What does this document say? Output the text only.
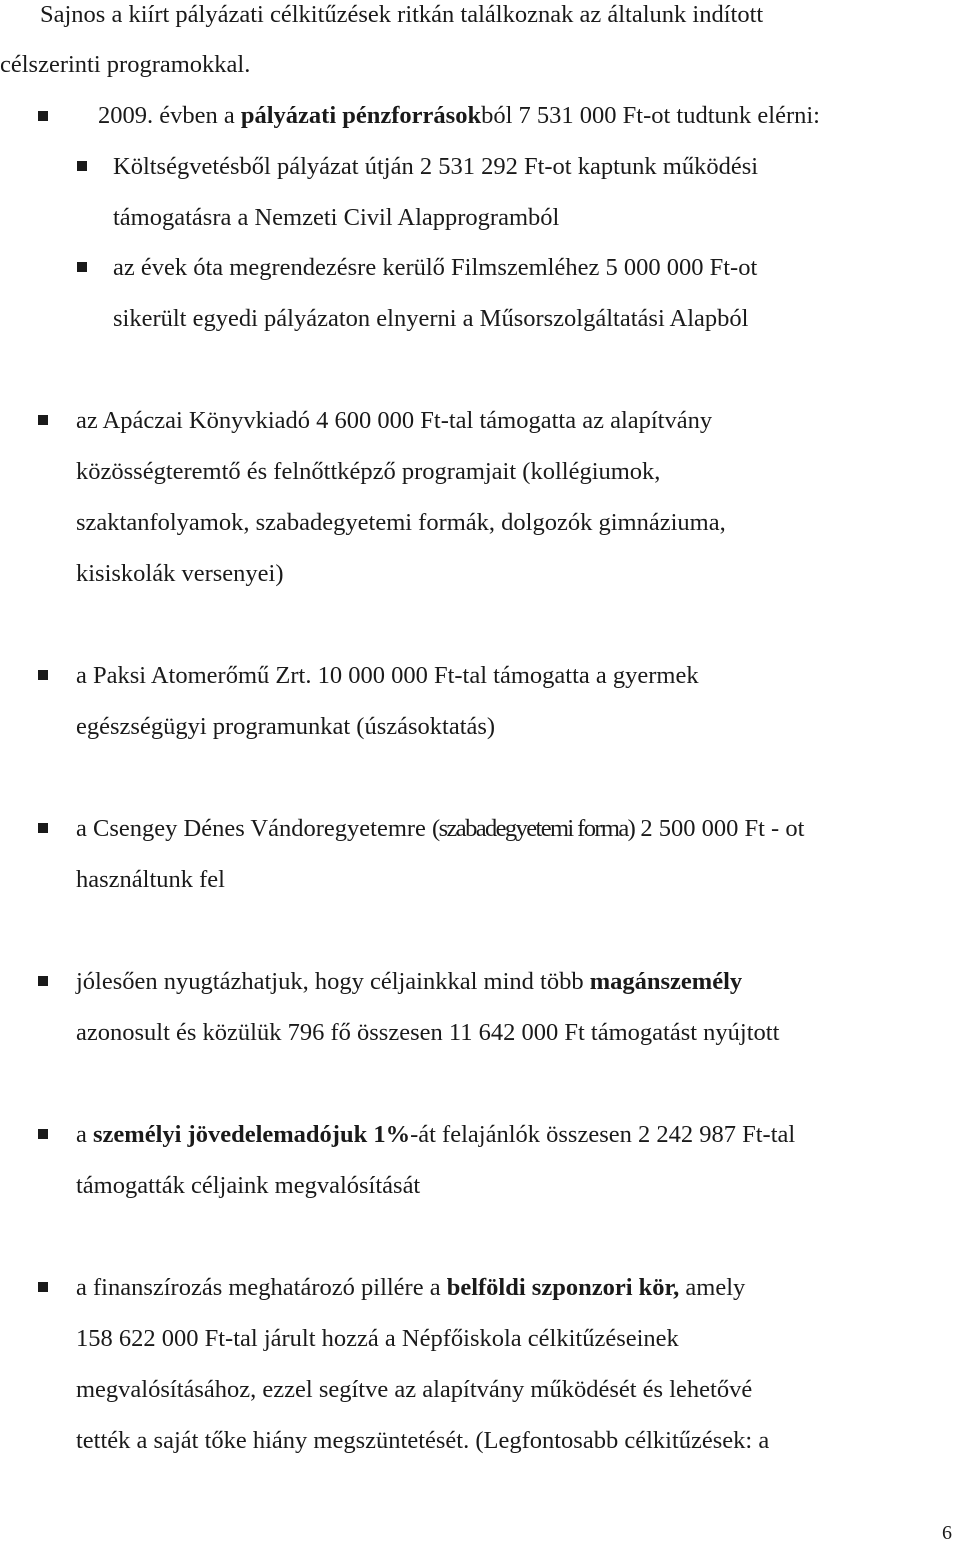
Sajnos a kiírt pályázati célkitűzések ritkán találkoznak az általunk indított
célszerinti programokkal.
2009. évben a pályázati pénzforrásokból 7 531 000 Ft-ot tudtunk elérni:
Költségvetésből pályázat útján 2 531 292 Ft-ot kaptunk működési
támogatásra a Nemzeti Civil Alapprogramból
az évek óta megrendezésre kerülő Filmszemléhez 5 000 000 Ft-ot
sikerült egyedi pályázaton elnyerni a Műsorszolgáltatási Alapból
az Apáczai Könyvkiadó 4 600 000 Ft-tal támogatta az alapítvány
közösségteremtő és felnőttképző programjait (kollégiumok,
szaktanfolyamok, szabadegyetemi formák, dolgozók gimnáziuma,
kisiskolák versenyei)
a Paksi Atomerőmű Zrt. 10 000 000 Ft-tal támogatta a gyermek
egészségügyi programunkat (úszásoktatás)
a Csengey Dénes Vándoregyetemre (szabadegyetemi forma) 2 500 000 Ft - ot
használtunk fel
jólesően nyugtázhatjuk, hogy céljainkkal mind több magánszemély
azonosult és közülük 796 fő összesen 11 642 000 Ft támogatást nyújtott
a személyi jövedelemadójuk 1%-át felajánlók összesen 2 242 987 Ft-tal
támogatták céljaink megvalósítását
a finanszírozás meghatározó pillére a belföldi szponzori kör, amely
158 622 000 Ft-tal járult hozzá a Népfőiskola célkitűzéseinek
megvalósításához, ezzel segítve az alapítvány működését és lehetővé
tették a saját tőke hiány megszüntetését. (Legfontosabb célkitűzések: a
6
